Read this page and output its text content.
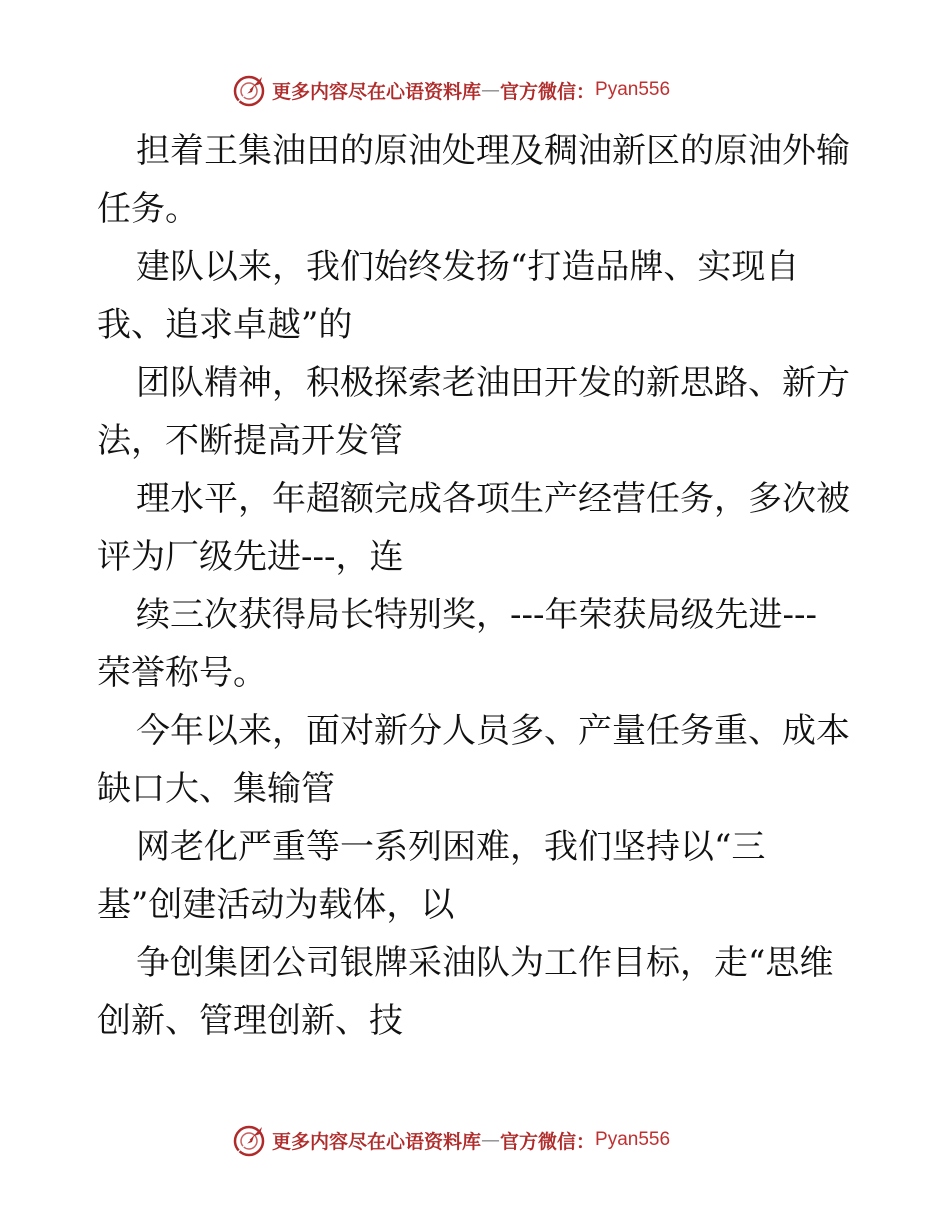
更多内容尽在心语资料库 — 官方微信： Pyan556
担着王集油田的原油处理及稠油新区的原油外输
任务。
建队以来，我们始终发扬“打造品牌、实现自
我、追求卓越”的
团队精神，积极探索老油田开发的新思路、新方
法，不断提高开发管
理水平，年超额完成各项生产经营任务，多次被
评为厂级先进---，连
续三次获得局长特别奖，---年荣获局级先进---
荣誉称号。
今年以来，面对新分人员多、产量任务重、成本
缺口大、集输管
网老化严重等一系列困难，我们坚持以“三
基”创建活动为载体，以
争创集团公司银牌采油队为工作目标，走“思维
创新、管理创新、技
更多内容尽在心语资料库 — 官方微信： Pyan556
